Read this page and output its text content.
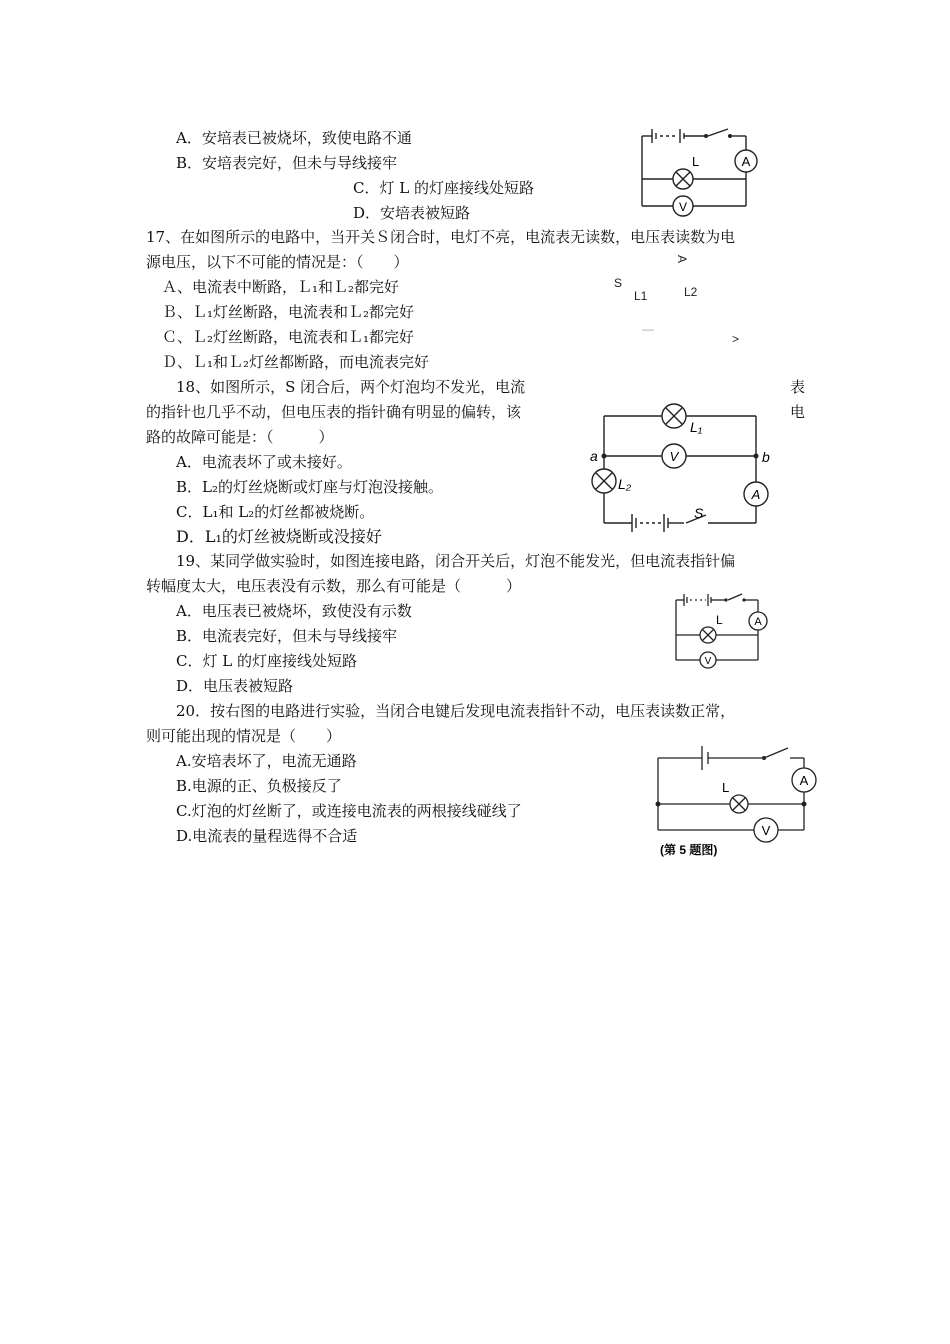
A．安培表已被烧坏，致使电路不通
B．安培表完好，但未与导线接牢
C．灯 L 的灯座接线处短路
D．安培表被短路
L	A
V
17、在如图所示的电路中，当开关Ｓ闭合时，电灯不亮，电流表无读数，电压表读数为电
源电压，以下不可能的情况是：（　　）
Ａ、电流表中断路，Ｌ₁和Ｌ₂都完好
Ｂ、Ｌ₁灯丝断路，电流表和Ｌ₂都完好
Ｃ、Ｌ₂灯丝断路，电流表和Ｌ₁都完好
Ｄ、Ｌ₁和Ｌ₂灯丝都断路，而电流表完好
A
S
L1	L2
—
>
18、如图所示，S 闭合后，两个灯泡均不发光，电流	表
的指针也几乎不动，但电压表的指针确有明显的偏转，该	电
路的故障可能是：（　　　）
A．电流表坏了或未接好。
B．L₂的灯丝烧断或灯座与灯泡没接触。
C．L₁和 L₂的灯丝都被烧断。
D．L₁的灯丝被烧断或没接好
L₁
L₂
V
A
S
a	b
19、某同学做实验时，如图连接电路，闭合开关后，灯泡不能发光，但电流表指针偏
转幅度太大，电压表没有示数，那么有可能是（　　　）
A．电压表已被烧坏，致使没有示数
B．电流表完好，但未与导线接牢
C．灯 L 的灯座接线处短路
D．电压表被短路
L	A
V
20．按右图的电路进行实验，当闭合电键后发现电流表指针不动，电压表读数正常，
则可能出现的情况是（　　）
A.安培表坏了，电流无通路
B.电源的正、负极接反了
C.灯泡的灯丝断了，或连接电流表的两根接线碰线了
D.电流表的量程选得不合适
L	A
V
(第 5 题图)
